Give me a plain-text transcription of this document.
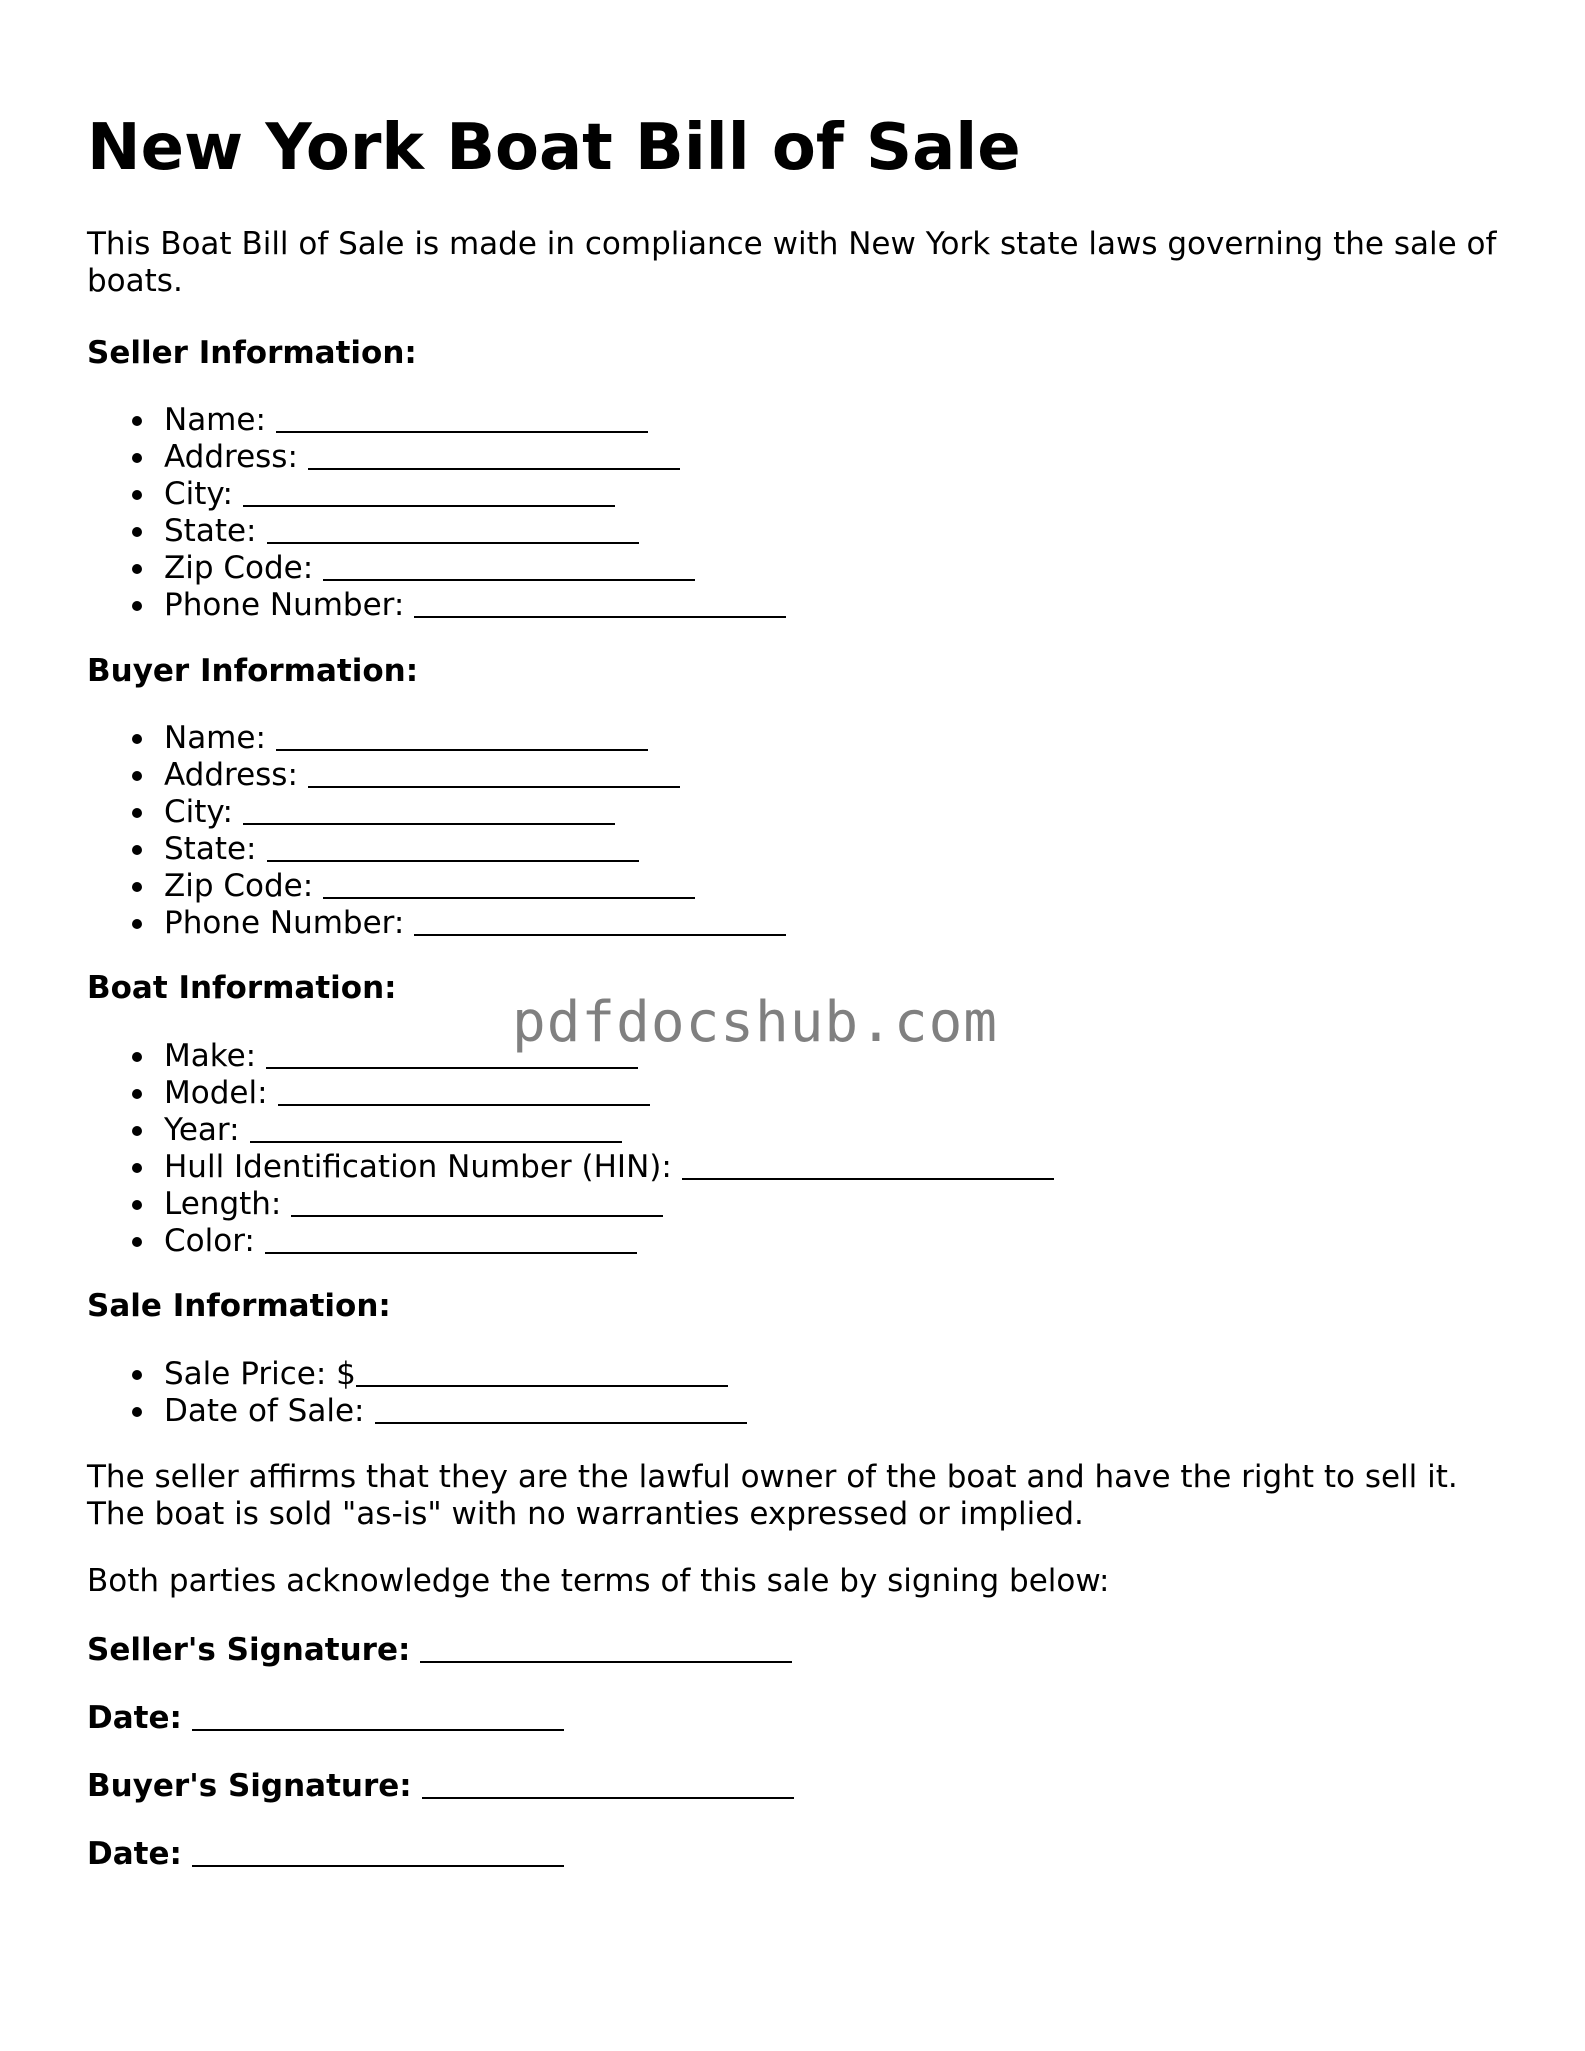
New York Boat Bill of Sale

This Boat Bill of Sale is made in compliance with New York state laws governing the sale of boats.

Seller Information:

Name:
Address:
City:
State:
Zip Code:
Phone Number:

Buyer Information:

Name:
Address:
City:
State:
Zip Code:
Phone Number:

Boat Information:

Make:
Model:
Year:
Hull Identification Number (HIN):
Length:
Color:

Sale Information:

Sale Price: $
Date of Sale:

The seller affirms that they are the lawful owner of the boat and have the right to sell it. The boat is sold "as-is" with no warranties expressed or implied.

Both parties acknowledge the terms of this sale by signing below:

Seller's Signature:

Date:

Buyer's Signature:

Date:

pdfdocshub.com
